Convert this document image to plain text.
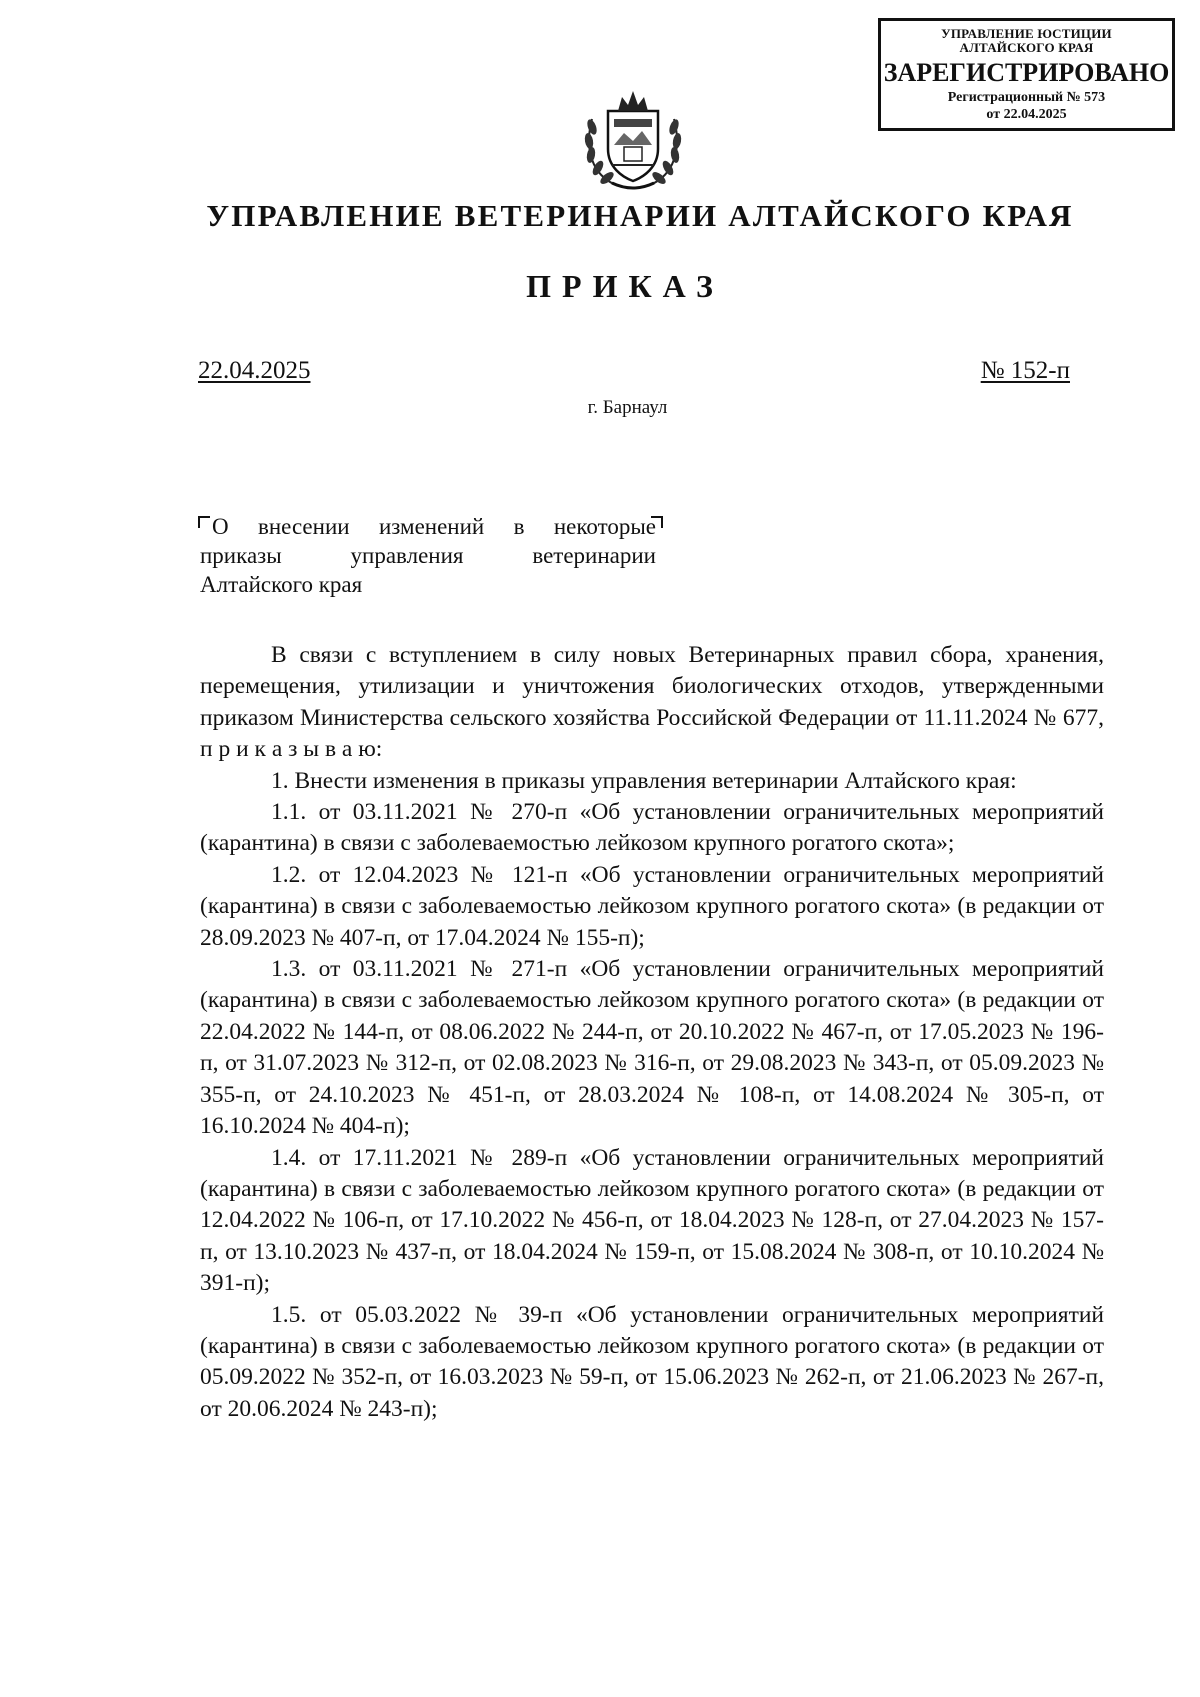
УПРАВЛЕНИЕ ЮСТИЦИИ
АЛТАЙСКОГО КРАЯ
ЗАРЕГИСТРИРОВАНО
Регистрационный № 573
от 22.04.2025
УПРАВЛЕНИЕ ВЕТЕРИНАРИИ АЛТАЙСКОГО КРАЯ
ПРИКАЗ
22.04.2025	№ 152-п
г. Барнаул
О внесении изменений в некоторые
приказы управления ветеринарии
Алтайского края

В связи с вступлением в силу новых Ветеринарных правил сбора, хранения, перемещения, утилизации и уничтожения биологических отходов, утвержденными приказом Министерства сельского хозяйства Российской Федерации от 11.11.2024 № 677, п р и к а з ы в а ю:

1. Внести изменения в приказы управления ветеринарии Алтайского края:

1.1. от 03.11.2021 № 270-п «Об установлении ограничительных мероприятий (карантина) в связи с заболеваемостью лейкозом крупного рогатого скота»;

1.2. от 12.04.2023 № 121-п «Об установлении ограничительных мероприятий (карантина) в связи с заболеваемостью лейкозом крупного рогатого скота» (в редакции от 28.09.2023 № 407-п, от 17.04.2024 № 155-п);

1.3. от 03.11.2021 № 271-п «Об установлении ограничительных мероприятий (карантина) в связи с заболеваемостью лейкозом крупного рогатого скота» (в редакции от 22.04.2022 № 144-п, от 08.06.2022 № 244-п, от 20.10.2022 № 467-п, от 17.05.2023 № 196-п, от 31.07.2023 № 312-п, от 02.08.2023 № 316-п, от 29.08.2023 № 343-п, от 05.09.2023 № 355-п, от 24.10.2023 № 451-п, от 28.03.2024 № 108-п, от 14.08.2024 № 305-п, от 16.10.2024 № 404-п);

1.4. от 17.11.2021 № 289-п «Об установлении ограничительных мероприятий (карантина) в связи с заболеваемостью лейкозом крупного рогатого скота» (в редакции от 12.04.2022 № 106-п, от 17.10.2022 № 456-п, от 18.04.2023 № 128-п, от 27.04.2023 № 157-п, от 13.10.2023 № 437-п, от 18.04.2024 № 159-п, от 15.08.2024 № 308-п, от 10.10.2024 № 391-п);

1.5. от 05.03.2022 № 39-п «Об установлении ограничительных мероприятий (карантина) в связи с заболеваемостью лейкозом крупного рогатого скота» (в редакции от 05.09.2022 № 352-п, от 16.03.2023 № 59-п, от 15.06.2023 № 262-п, от 21.06.2023 № 267-п, от 20.06.2024 № 243-п);
